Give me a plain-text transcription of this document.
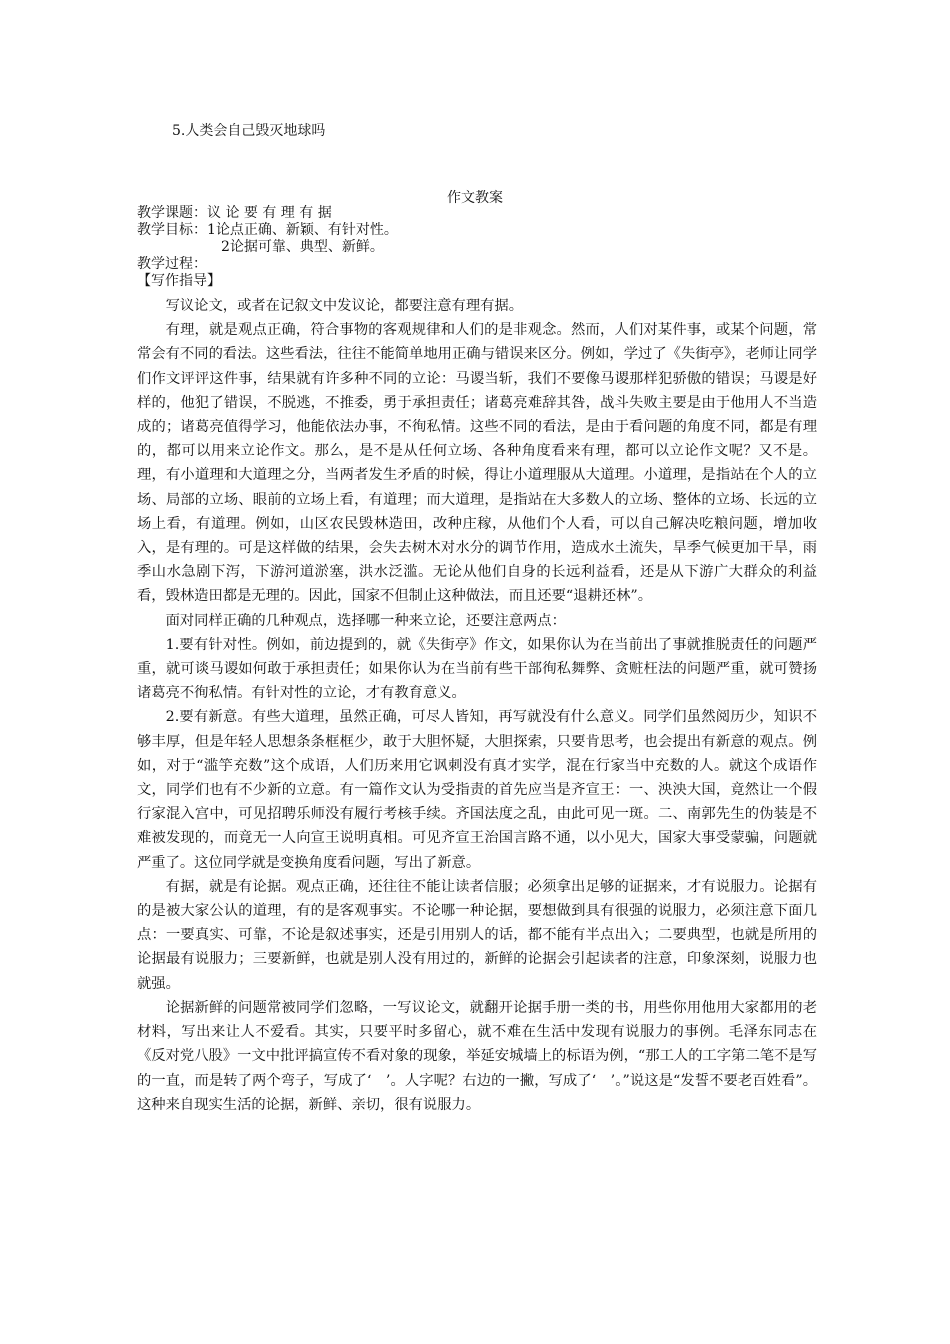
5.人类会自己毁灭地球吗
作文教案
教学课题：议 论 要 有 理 有 据
教学目标：1论点正确、新颖、有针对性。
2论据可靠、典型、新鲜。
教学过程：
【写作指导】

写议论文，或者在记叙文中发议论，都要注意有理有据。

有理，就是观点正确，符合事物的客观规律和人们的是非观念。然而，人们对某件事，或某个问题，常常会有不同的看法。这些看法，往往不能简单地用正确与错误来区分。例如，学过了《失街亭》，老师让同学们作文评评这件事，结果就有许多种不同的立论：马谡当斩，我们不要像马谡那样犯骄傲的错误；马谡是好样的，他犯了错误，不脱逃，不推委，勇于承担责任；诸葛亮难辞其咎，战斗失败主要是由于他用人不当造成的；诸葛亮值得学习，他能依法办事，不徇私情。这些不同的看法，是由于看问题的角度不同，都是有理的，都可以用来立论作文。那么，是不是从任何立场、各种角度看来有理，都可以立论作文呢？又不是。理，有小道理和大道理之分，当两者发生矛盾的时候，得让小道理服从大道理。小道理，是指站在个人的立场、局部的立场、眼前的立场上看，有道理；而大道理，是指站在大多数人的立场、整体的立场、长远的立场上看，有道理。例如，山区农民毁林造田，改种庄稼，从他们个人看，可以自己解决吃粮问题，增加收入，是有理的。可是这样做的结果，会失去树木对水分的调节作用，造成水土流失，旱季气候更加干旱，雨季山水急剧下泻，下游河道淤塞，洪水泛滥。无论从他们自身的长远利益看，还是从下游广大群众的利益看，毁林造田都是无理的。因此，国家不但制止这种做法，而且还要“退耕还林”。

面对同样正确的几种观点，选择哪一种来立论，还要注意两点：

1.要有针对性。例如，前边提到的，就《失街亭》作文，如果你认为在当前出了事就推脱责任的问题严重，就可谈马谡如何敢于承担责任；如果你认为在当前有些干部徇私舞弊、贪赃枉法的问题严重，就可赞扬诸葛亮不徇私情。有针对性的立论，才有教育意义。

2.要有新意。有些大道理，虽然正确，可尽人皆知，再写就没有什么意义。同学们虽然阅历少，知识不够丰厚，但是年轻人思想条条框框少，敢于大胆怀疑，大胆探索，只要肯思考，也会提出有新意的观点。例如，对于“滥竽充数”这个成语，人们历来用它讽刺没有真才实学，混在行家当中充数的人。就这个成语作文，同学们也有不少新的立意。有一篇作文认为受指责的首先应当是齐宣王：一、泱泱大国，竟然让一个假行家混入宫中，可见招聘乐师没有履行考核手续。齐国法度之乱，由此可见一斑。二、南郭先生的伪装是不难被发现的，而竟无一人向宣王说明真相。可见齐宣王治国言路不通，以小见大，国家大事受蒙骗，问题就严重了。这位同学就是变换角度看问题，写出了新意。

有据，就是有论据。观点正确，还往往不能让读者信服；必须拿出足够的证据来，才有说服力。论据有的是被大家公认的道理，有的是客观事实。不论哪一种论据，要想做到具有很强的说服力，必须注意下面几点：一要真实、可靠，不论是叙述事实，还是引用别人的话，都不能有半点出入；二要典型，也就是所用的论据最有说服力；三要新鲜，也就是别人没有用过的，新鲜的论据会引起读者的注意，印象深刻，说服力也就强。

论据新鲜的问题常被同学们忽略，一写议论文，就翻开论据手册一类的书，用些你用他用大家都用的老材料，写出来让人不爱看。其实，只要平时多留心，就不难在生活中发现有说服力的事例。毛泽东同志在《反对党八股》一文中批评搞宣传不看对象的现象，举延安城墙上的标语为例，“那工人的工字第二笔不是写的一直，而是转了两个弯子，写成了‘　’。人字呢？右边的一撇，写成了‘　’。”说这是“发誓不要老百姓看”。这种来自现实生活的论据，新鲜、亲切，很有说服力。
